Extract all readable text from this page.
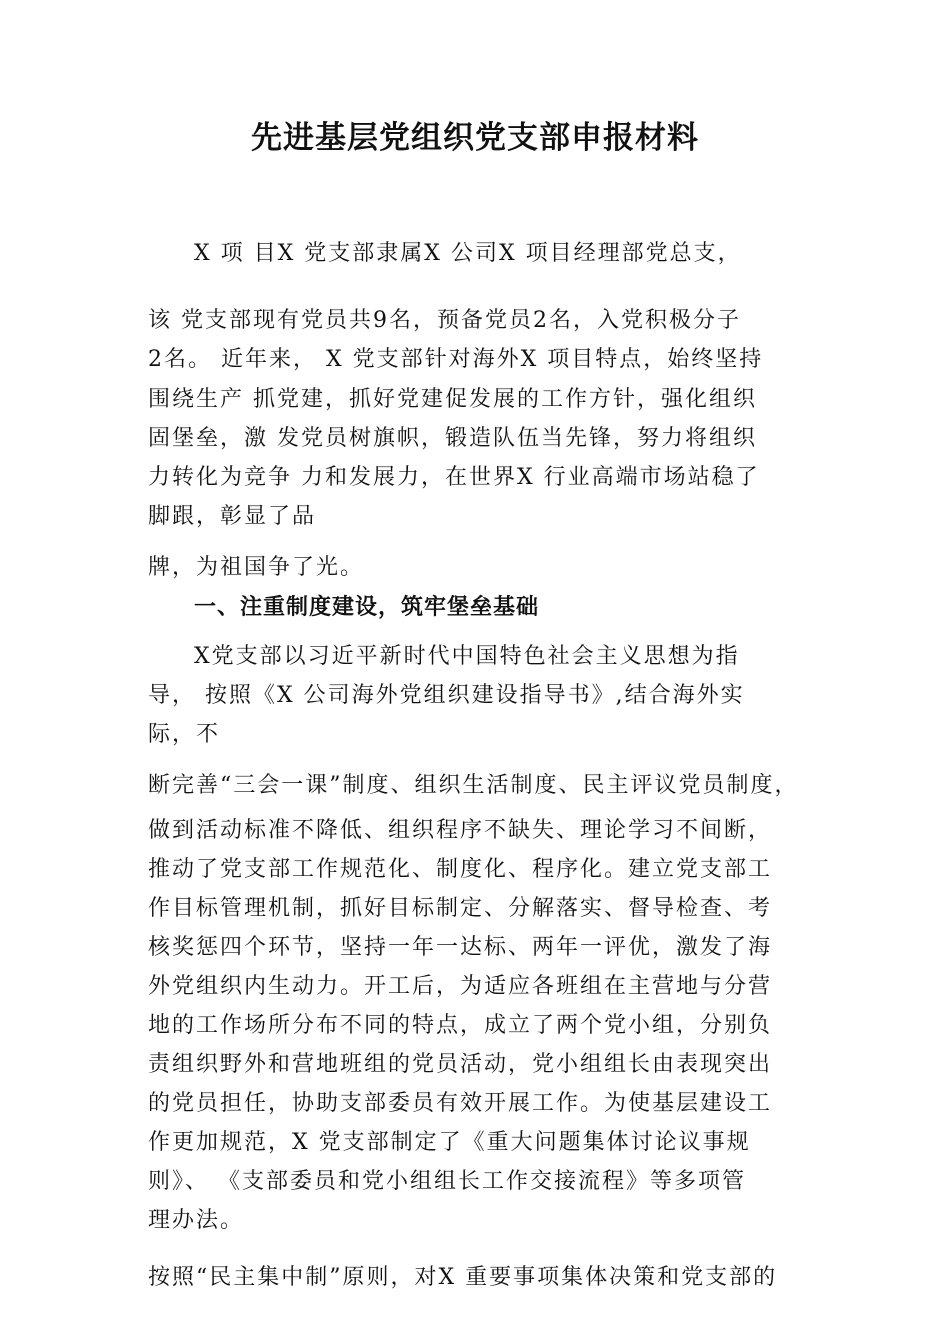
先进基层党组织党支部申报材料
X 项 目X 党支部隶属X 公司X 项目经理部党总支，
该 党支部现有党员共9名，预备党员2名，入党积极分子
2名。 近年来， X 党支部针对海外X 项目特点，始终坚持
围绕生产 抓党建，抓好党建促发展的工作方针，强化组织
固堡垒，激 发党员树旗帜，锻造队伍当先锋，努力将组织
力转化为竞争 力和发展力，在世界X 行业高端市场站稳了
脚跟，彰显了品
牌，为祖国争了光。
一、注重制度建设，筑牢堡垒基础
X党支部以习近平新时代中国特色社会主义思想为指
导， 按照《X 公司海外党组织建设指导书》,结合海外实
际，不
断完善“三会一课”制度、组织生活制度、民主评议党员制度，
做到活动标准不降低、组织程序不缺失、理论学习不间断，
推动了党支部工作规范化、制度化、程序化。建立党支部工
作目标管理机制，抓好目标制定、分解落实、督导检查、考
核奖惩四个环节，坚持一年一达标、两年一评优，激发了海
外党组织内生动力。开工后，为适应各班组在主营地与分营
地的工作场所分布不同的特点，成立了两个党小组，分别负
责组织野外和营地班组的党员活动，党小组组长由表现突出
的党员担任，协助支部委员有效开展工作。为使基层建设工
作更加规范，X 党支部制定了《重大问题集体讨论议事规
则》、 《支部委员和党小组组长工作交接流程》等多项管
理办法。
按照“民主集中制”原则，对X 重要事项集体决策和党支部的
